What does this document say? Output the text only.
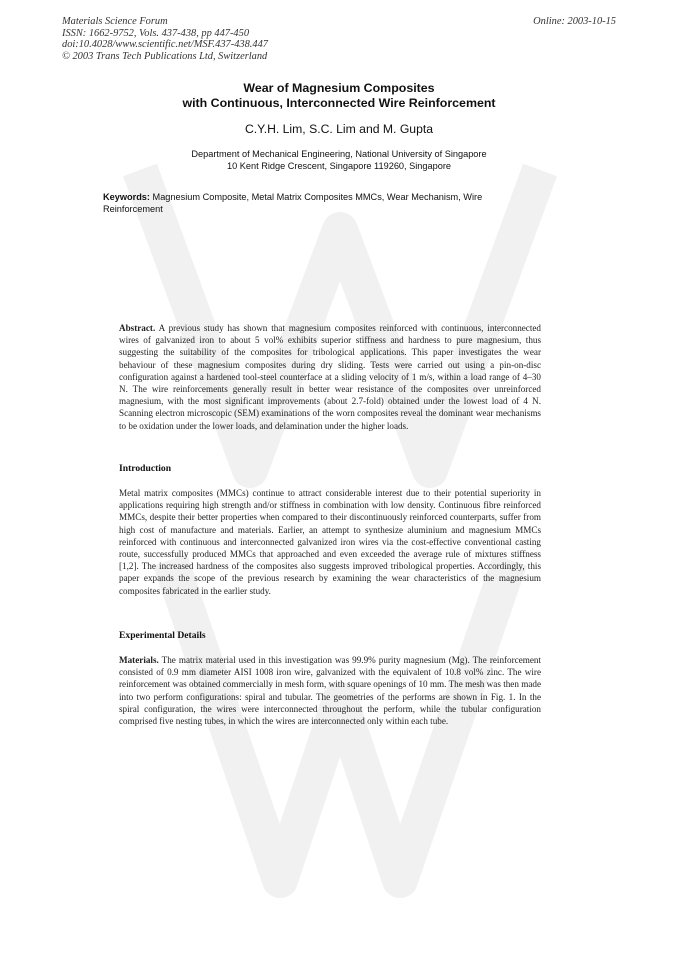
Materials Science Forum
ISSN: 1662-9752, Vols. 437-438, pp 447-450
doi:10.4028/www.scientific.net/MSF.437-438.447
© 2003 Trans Tech Publications Ltd, Switzerland
Online: 2003-10-15
Wear of Magnesium Composites
with Continuous, Interconnected Wire Reinforcement
C.Y.H. Lim, S.C. Lim and M. Gupta
Department of Mechanical Engineering, National University of Singapore
10 Kent Ridge Crescent, Singapore 119260, Singapore
Keywords: Magnesium Composite, Metal Matrix Composites MMCs, Wear Mechanism, Wire Reinforcement
Abstract. A previous study has shown that magnesium composites reinforced with continuous, interconnected wires of galvanized iron to about 5 vol% exhibits superior stiffness and hardness to pure magnesium, thus suggesting the suitability of the composites for tribological applications. This paper investigates the wear behaviour of these magnesium composites during dry sliding. Tests were carried out using a pin-on-disc configuration against a hardened tool-steel counterface at a sliding velocity of 1 m/s, within a load range of 4–30 N. The wire reinforcements generally result in better wear resistance of the composites over unreinforced magnesium, with the most significant improvements (about 2.7-fold) obtained under the lowest load of 4 N. Scanning electron microscopic (SEM) examinations of the worn composites reveal the dominant wear mechanisms to be oxidation under the lower loads, and delamination under the higher loads.
Introduction
Metal matrix composites (MMCs) continue to attract considerable interest due to their potential superiority in applications requiring high strength and/or stiffness in combination with low density. Continuous fibre reinforced MMCs, despite their better properties when compared to their discontinuously reinforced counterparts, suffer from high cost of manufacture and materials. Earlier, an attempt to synthesize aluminium and magnesium MMCs reinforced with continuous and interconnected galvanized iron wires via the cost-effective conventional casting route, successfully produced MMCs that approached and even exceeded the average rule of mixtures stiffness [1,2]. The increased hardness of the composites also suggests improved tribological properties. Accordingly, this paper expands the scope of the previous research by examining the wear characteristics of the magnesium composites fabricated in the earlier study.
Experimental Details
Materials. The matrix material used in this investigation was 99.9% purity magnesium (Mg). The reinforcement consisted of 0.9 mm diameter AISI 1008 iron wire, galvanized with the equivalent of 10.8 vol% zinc. The wire reinforcement was obtained commercially in mesh form, with square openings of 10 mm. The mesh was then made into two perform configurations: spiral and tubular. The geometries of the performs are shown in Fig. 1. In the spiral configuration, the wires were interconnected throughout the perform, while the tubular configuration comprised five nesting tubes, in which the wires are interconnected only within each tube.
